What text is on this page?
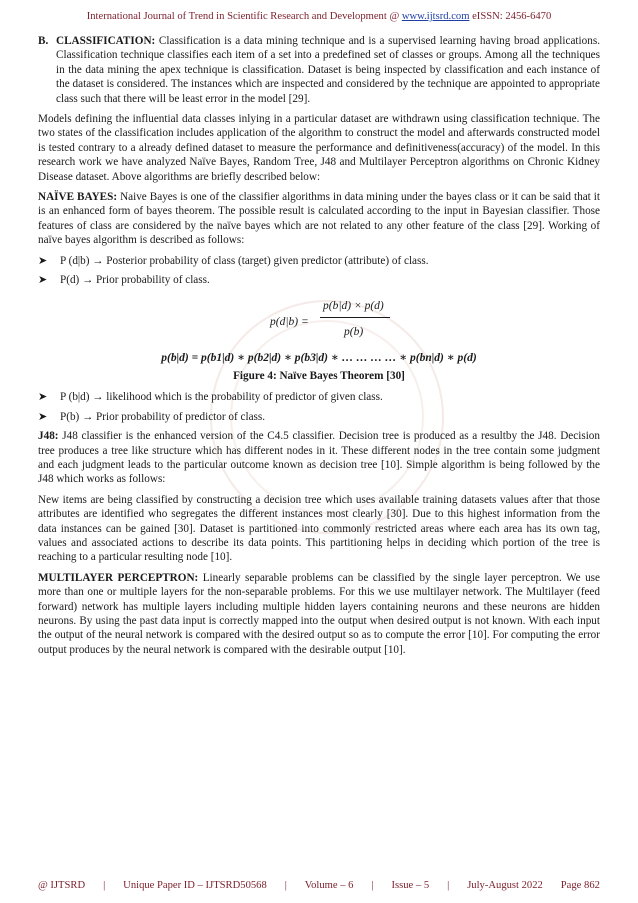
International Journal of Trend in Scientific Research and Development @ www.ijtsrd.com eISSN: 2456-6470
B. CLASSIFICATION: Classification is a data mining technique and is a supervised learning having broad applications. Classification technique classifies each item of a set into a predefined set of classes or groups. Among all the techniques in the data mining the apex technique is classification. Dataset is being inspected by classification and each instance of the dataset is considered. The instances which are inspected and considered by the technique are appointed to appropriate class such that there will be least error in the model [29].

Models defining the influential data classes inlying in a particular dataset are withdrawn using classification technique. The two states of the classification includes application of the algorithm to construct the model and afterwards constructed model is tested contrary to a already defined dataset to measure the performance and definitiveness(accuracy) of the model. In this research work we have analyzed Naïve Bayes, Random Tree, J48 and Multilayer Perceptron algorithms on Chronic Kidney Disease dataset. Above algorithms are briefly described below:

NAÏVE BAYES: Naive Bayes is one of the classifier algorithms in data mining under the bayes class or it can be said that it is an enhanced form of bayes theorem. The possible result is calculated according to the input in Bayesian classifier. Those features of class are considered by the naïve bayes which are not related to any other feature of the class [29]. Working of naïve bayes algorithm is described as follows:

➤	P (d|b) → Posterior probability of class (target) given predictor (attribute) of class.
➤	P(d) → Prior probability of class.
p(d|b) =
p(b|d) × p(d)
p(b)
p(b|d) = p(b1|d) ∗ p(b2|d) ∗ p(b3|d) ∗ … … … … ∗ p(bn|d) ∗ p(d)
Figure 4: Naïve Bayes Theorem [30]
➤	P (b|d) → likelihood which is the probability of predictor of given class.
➤	P(b) → Prior probability of predictor of class.

J48: J48 classifier is the enhanced version of the C4.5 classifier. Decision tree is produced as a resultby the J48. Decision tree produces a tree like structure which has different nodes in it. These different nodes in the tree contain some judgment and each judgment leads to the particular outcome known as decision tree [10]. Simple algorithm is being followed by the J48 which works as follows:

New items are being classified by constructing a decision tree which uses available training datasets values after that those attributes are identified who segregates the different instances most clearly [30]. Due to this highest information from the data instances can be gained [30]. Dataset is partitioned into commonly restricted areas where each area has its own tag, values and associated actions to describe its data points. This partitioning helps in deciding which portion of the tree is reaching to a particular resulting node [10].

MULTILAYER PERCEPTRON: Linearly separable problems can be classified by the single layer perceptron. We use more than one or multiple layers for the non-separable problems. For this we use multilayer network. The Multilayer (feed forward) network has multiple layers including multiple hidden layers containing neurons and these neurons are hidden neurons. By using the past data input is correctly mapped into the output when desired output is not known. With each input the output of the neural network is compared with the desired output so as to compute the error [10]. For computing the error output produces by the neural network is compared with the desirable output [10].

@ IJTSRD | Unique Paper ID – IJTSRD50568 | Volume – 6 | Issue – 5 | July-August 2022 Page 862
